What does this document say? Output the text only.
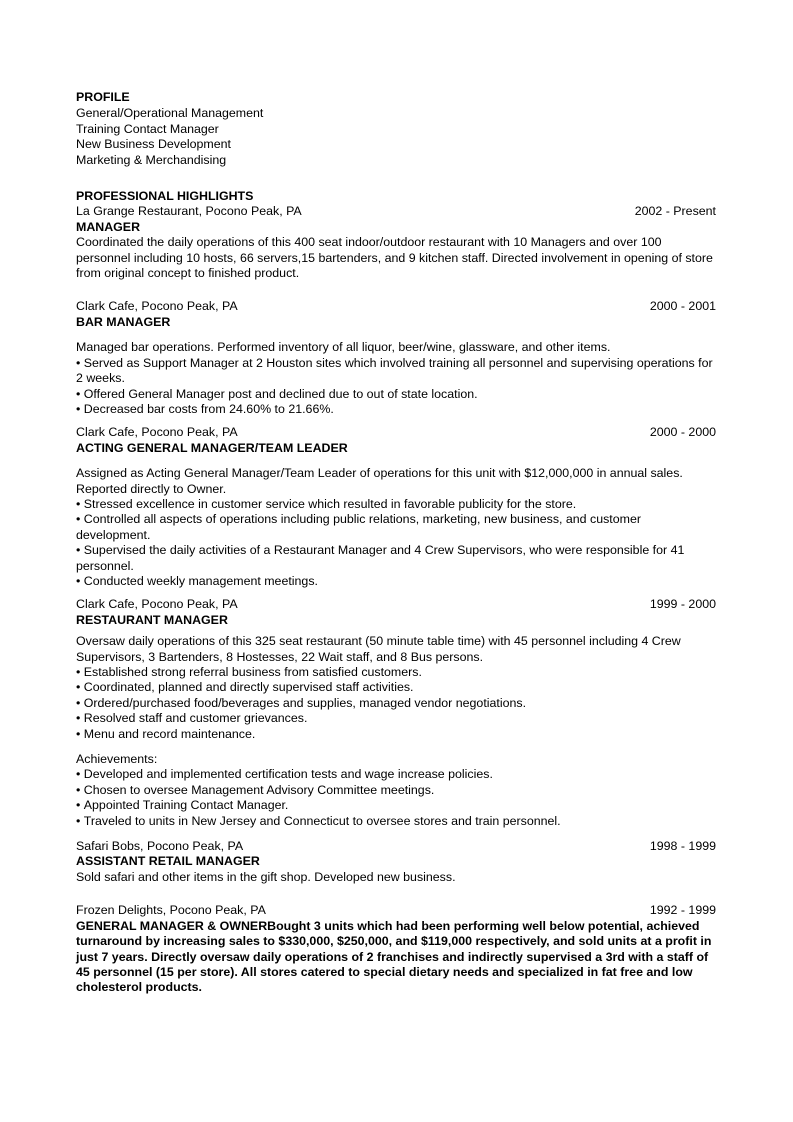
PROFILE
General/Operational Management
Training Contact Manager
New Business Development
Marketing & Merchandising
PROFESSIONAL HIGHLIGHTS
La Grange Restaurant, Pocono Peak, PA	2002 - Present
MANAGER

Coordinated the daily operations of this 400 seat indoor/outdoor restaurant with 10 Managers and over 100 personnel including 10 hosts, 66 servers,15 bartenders, and 9 kitchen staff. Directed involvement in opening of store from original concept to finished product.

Clark Cafe, Pocono Peak, PA	2000 - 2001
BAR MANAGER

Managed bar operations. Performed inventory of all liquor, beer/wine, glassware, and other items.

• Served as Support Manager at 2 Houston sites which involved training all personnel and supervising operations for 2 weeks.
• Offered General Manager post and declined due to out of state location.
• Decreased bar costs from 24.60% to 21.66%.
Clark Cafe, Pocono Peak, PA	2000 - 2000
ACTING GENERAL MANAGER/TEAM LEADER

Assigned as Acting General Manager/Team Leader of operations for this unit with $12,000,000 in annual sales. Reported directly to Owner.

• Stressed excellence in customer service which resulted in favorable publicity for the store.
• Controlled all aspects of operations including public relations, marketing, new business, and customer development.
• Supervised the daily activities of a Restaurant Manager and 4 Crew Supervisors, who were responsible for 41 personnel.
• Conducted weekly management meetings.
Clark Cafe, Pocono Peak, PA	1999 - 2000
RESTAURANT MANAGER

Oversaw daily operations of this 325 seat restaurant (50 minute table time) with 45 personnel including 4 Crew Supervisors, 3 Bartenders, 8 Hostesses, 22 Wait staff, and 8 Bus persons.

• Established strong referral business from satisfied customers.
• Coordinated, planned and directly supervised staff activities.
• Ordered/purchased food/beverages and supplies, managed vendor negotiations.
• Resolved staff and customer grievances.
• Menu and record maintenance.
Achievements:
• Developed and implemented certification tests and wage increase policies.
• Chosen to oversee Management Advisory Committee meetings.
• Appointed Training Contact Manager.
• Traveled to units in New Jersey and Connecticut to oversee stores and train personnel.
Safari Bobs, Pocono Peak, PA	1998 - 1999
ASSISTANT RETAIL MANAGER

Sold safari and other items in the gift shop. Developed new business.

Frozen Delights, Pocono Peak, PA	1992 - 1999

GENERAL MANAGER & OWNERBought 3 units which had been performing well below potential, achieved turnaround by increasing sales to $330,000, $250,000, and $119,000 respectively, and sold units at a profit in just 7 years. Directly oversaw daily operations of 2 franchises and indirectly supervised a 3rd with a staff of 45 personnel (15 per store). All stores catered to special dietary needs and specialized in fat free and low cholesterol products.
